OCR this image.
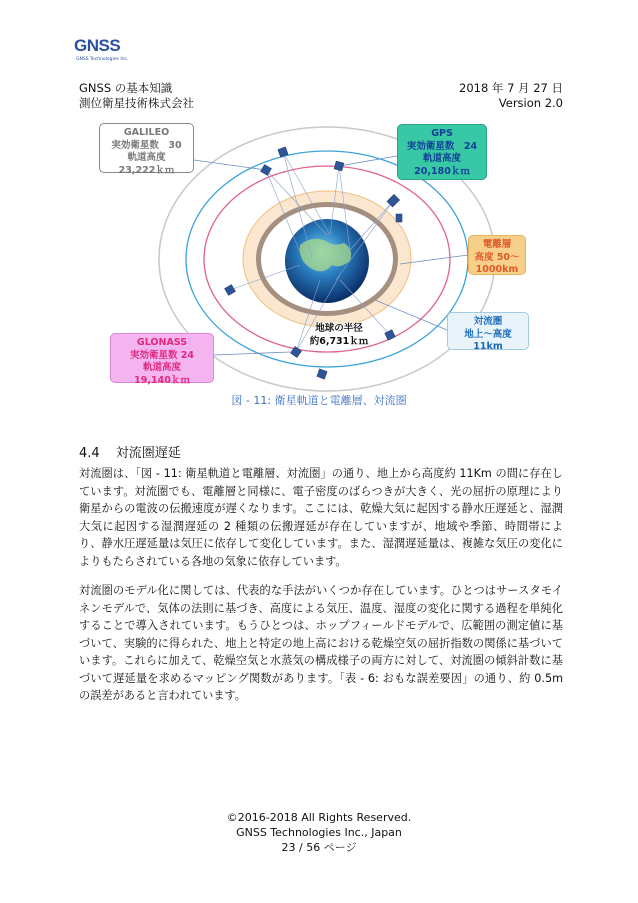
GNSS
GNSS Technologies Inc.
GNSS の基本知識
測位衛星技術株式会社
2018 年 7 月 27 日
Version 2.0
GALILEO
実効衛星数　30
軌道高度
23,222ｋｍ
GPS
実効衛星数　24
軌道高度
20,180ｋｍ
電離層
高度 50～
1000km
対流圏
地上～高度
11km
GLONASS
実効衛星数 24
軌道高度
19,140ｋｍ
地球の半径
約6,731ｋｍ
図 - 11: 衛星軌道と電離層、対流圏
4.4 対流圏遅延
対流圏は、「図 - 11: 衛星軌道と電離層、対流圏」の通り、地上から高度約 11Km の間に存在しています。対流圏でも、電離層と同様に、電子密度のばらつきが大きく、光の屈折の原理により衛星からの電波の伝搬速度が遅くなります。ここには、乾燥大気に起因する静水圧遅延と、湿潤大気に起因する湿潤遅延の 2 種類の伝搬遅延が存在していますが、地域や季節、時間帯により、静水圧遅延量は気圧に依存して変化しています。また、湿潤遅延量は、複雑な気圧の変化によりもたらされている各地の気象に依存しています。
対流圏のモデル化に関しては、代表的な手法がいくつか存在しています。ひとつはサースタモイネンモデルで、気体の法則に基づき、高度による気圧、温度、湿度の変化に関する過程を単純化することで導入されています。もうひとつは、ホップフィールドモデルで、広範囲の測定値に基づいて、実験的に得られた、地上と特定の地上高における乾燥空気の屈折指数の関係に基づいています。これらに加えて、乾燥空気と水蒸気の構成様子の両方に対して、対流圏の傾斜計数に基づいて遅延量を求めるマッピング関数があります。「表 - 6: おもな誤差要因」の通り、約 0.5m の誤差があると言われています。
©2016-2018 All Rights Reserved.
GNSS Technologies Inc., Japan
23 / 56 ページ
